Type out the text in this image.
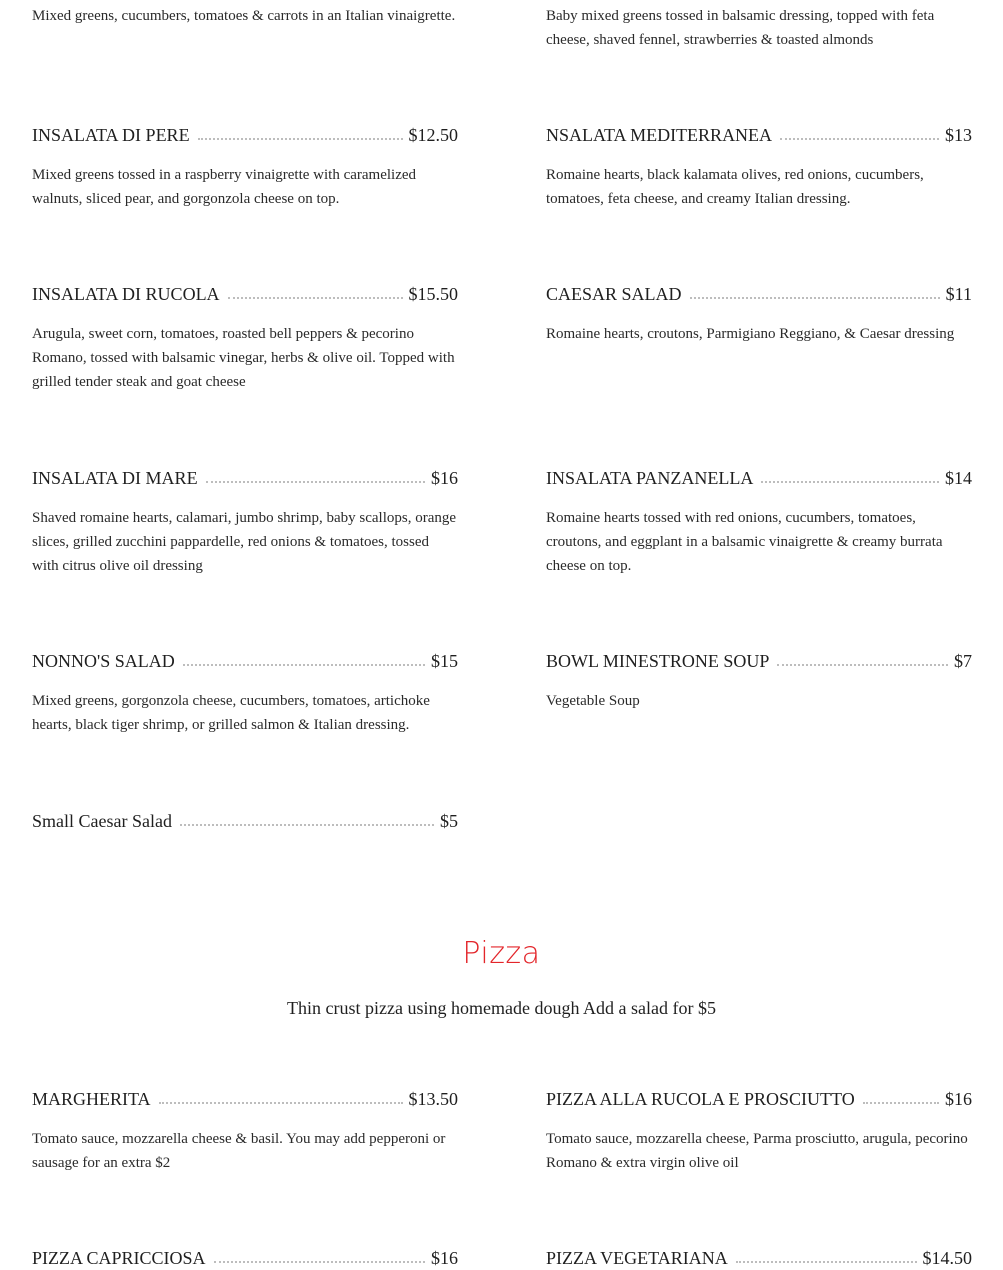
Mixed greens, cucumbers, tomatoes & carrots in an Italian vinaigrette.	Baby mixed greens tossed in balsamic dressing, topped with feta cheese, shaved fennel, strawberries & toasted almonds
INSALATA DI PERE	$12.50
Mixed greens tossed in a raspberry vinaigrette with caramelized walnuts, sliced pear, and gorgonzola cheese on top.
NSALATA MEDITERRANEA	$13
Romaine hearts, black kalamata olives, red onions, cucumbers, tomatoes, feta cheese, and creamy Italian dressing.
INSALATA DI RUCOLA	$15.50
Arugula, sweet corn, tomatoes, roasted bell peppers & pecorino Romano, tossed with balsamic vinegar, herbs & olive oil. Topped with grilled tender steak and goat cheese
CAESAR SALAD	$11
Romaine hearts, croutons, Parmigiano Reggiano, & Caesar dressing
INSALATA DI MARE	$16
Shaved romaine hearts, calamari, jumbo shrimp, baby scallops, orange slices, grilled zucchini pappardelle, red onions & tomatoes, tossed with citrus olive oil dressing
INSALATA PANZANELLA	$14
Romaine hearts tossed with red onions, cucumbers, tomatoes, croutons, and eggplant in a balsamic vinaigrette & creamy burrata cheese on top.
NONNO'S SALAD	$15
Mixed greens, gorgonzola cheese, cucumbers, tomatoes, artichoke hearts, black tiger shrimp, or grilled salmon & Italian dressing.
BOWL MINESTRONE SOUP	$7
Vegetable Soup
Small Caesar Salad	$5
Pizza
Thin crust pizza using homemade dough Add a salad for $5
MARGHERITA	$13.50
Tomato sauce, mozzarella cheese & basil. You may add pepperoni or sausage for an extra $2
PIZZA ALLA RUCOLA E PROSCIUTTO	$16
Tomato sauce, mozzarella cheese, Parma prosciutto, arugula, pecorino Romano & extra virgin olive oil
PIZZA CAPRICCIOSA	$16	PIZZA VEGETARIANA	$14.50
